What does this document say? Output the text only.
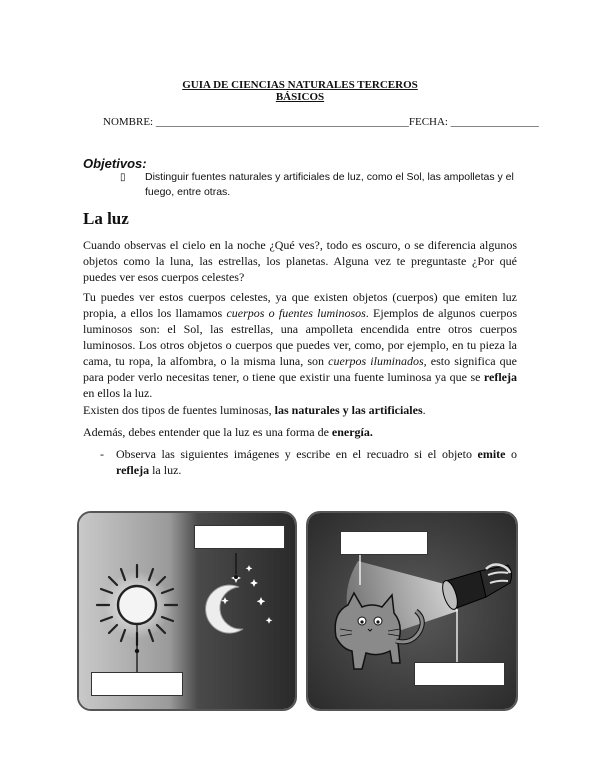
GUIA DE CIENCIAS NATURALES TERCEROS
BÁSICOS
NOMBRE: ______________________________________________FECHA: ________________
Objetivos:
▯ Distinguir fuentes naturales y artificiales de luz, como el Sol, las ampolletas y el fuego, entre otras.
La luz

Cuando observas el cielo en la noche ¿Qué ves?, todo es oscuro, o se diferencia algunos objetos como la luna, las estrellas, los planetas. Alguna vez te preguntaste ¿Por qué puedes ver esos cuerpos celestes?

Tu puedes ver estos cuerpos celestes, ya que existen objetos (cuerpos) que emiten luz propia, a ellos los llamamos cuerpos o fuentes luminosos. Ejemplos de algunos cuerpos luminosos son: el Sol, las estrellas, una ampolleta encendida entre otros cuerpos luminosos. Los otros objetos o cuerpos que puedes ver, como, por ejemplo, en tu pieza la cama, tu ropa, la alfombra, o la misma luna, son cuerpos iluminados, esto significa que para poder verlo necesitas tener, o tiene que existir una fuente luminosa ya que se refleja en ellos la luz.

Existen dos tipos de fuentes luminosas, las naturales y las artificiales.

Además, debes entender que la luz es una forma de energía.

- Observa las siguientes imágenes y escribe en el recuadro si el objeto emite o refleja la luz.
